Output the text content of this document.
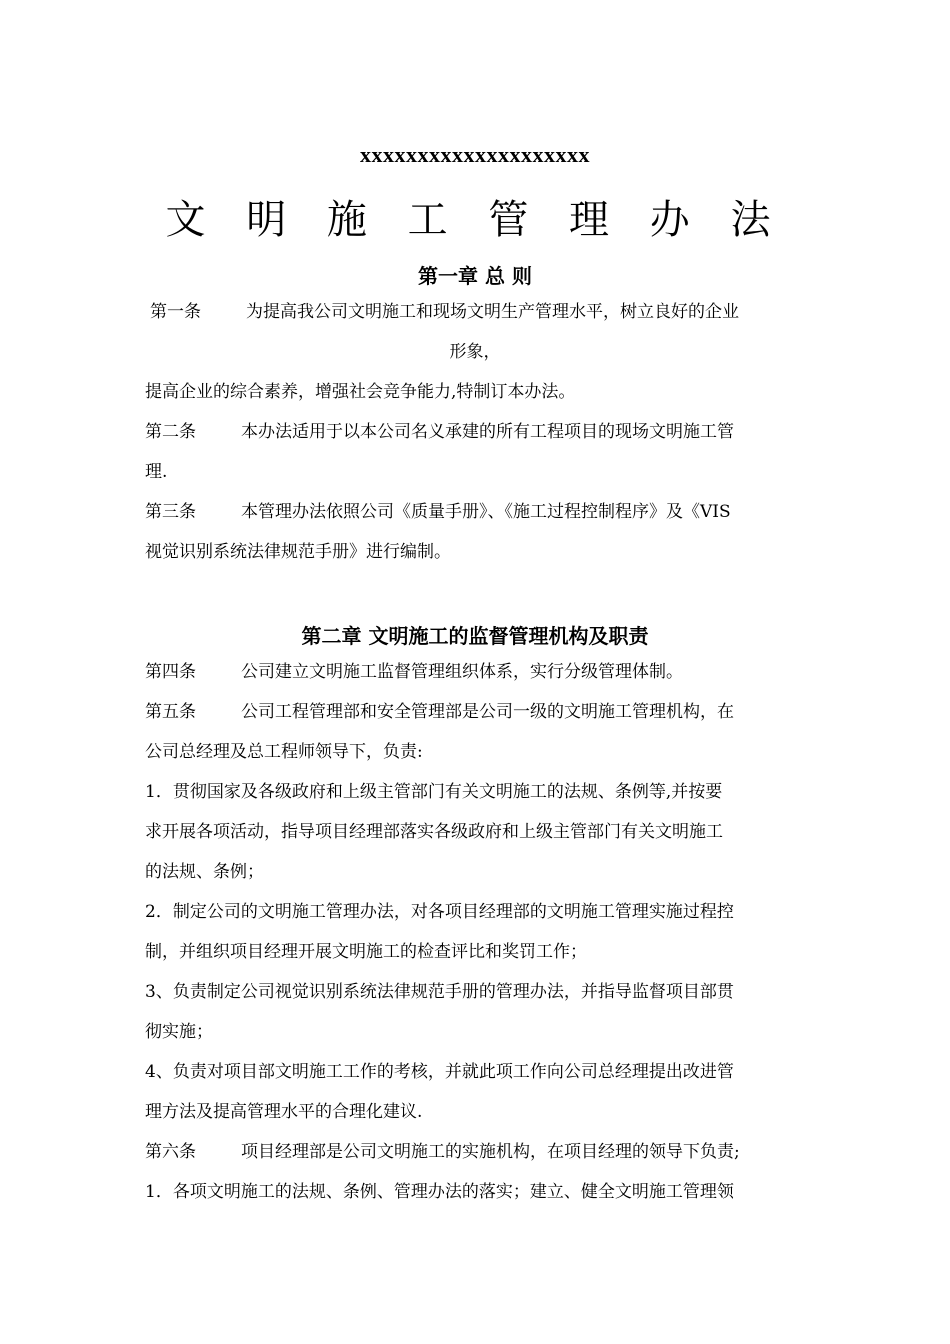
xxxxxxxxxxxxxxxxxxxx
文 明 施 工 管 理 办 法
第一章 总 则
第一条	为提高我公司文明施工和现场文明生产管理水平，树立良好的企业
形象，
提高企业的综合素养，增强社会竞争能力,特制订本办法。
第二条	本办法适用于以本公司名义承建的所有工程项目的现场文明施工管
理.
第三条	本管理办法依照公司《质量手册》、《施工过程控制程序》及《VIS
视觉识别系统法律规范手册》进行编制。
第二章 文明施工的监督管理机构及职责
第四条	公司建立文明施工监督管理组织体系，实行分级管理体制。
第五条	公司工程管理部和安全管理部是公司一级的文明施工管理机构，在
公司总经理及总工程师领导下，负责:
1．贯彻国家及各级政府和上级主管部门有关文明施工的法规、条例等,并按要
求开展各项活动，指导项目经理部落实各级政府和上级主管部门有关文明施工
的法规、条例；
2．制定公司的文明施工管理办法，对各项目经理部的文明施工管理实施过程控
制，并组织项目经理开展文明施工的检查评比和奖罚工作；
3、负责制定公司视觉识别系统法律规范手册的管理办法，并指导监督项目部贯
彻实施；
4、负责对项目部文明施工工作的考核，并就此项工作向公司总经理提出改进管
理方法及提高管理水平的合理化建议.
第六条	项目经理部是公司文明施工的实施机构，在项目经理的领导下负责;
1．各项文明施工的法规、条例、管理办法的落实；建立、健全文明施工管理领
